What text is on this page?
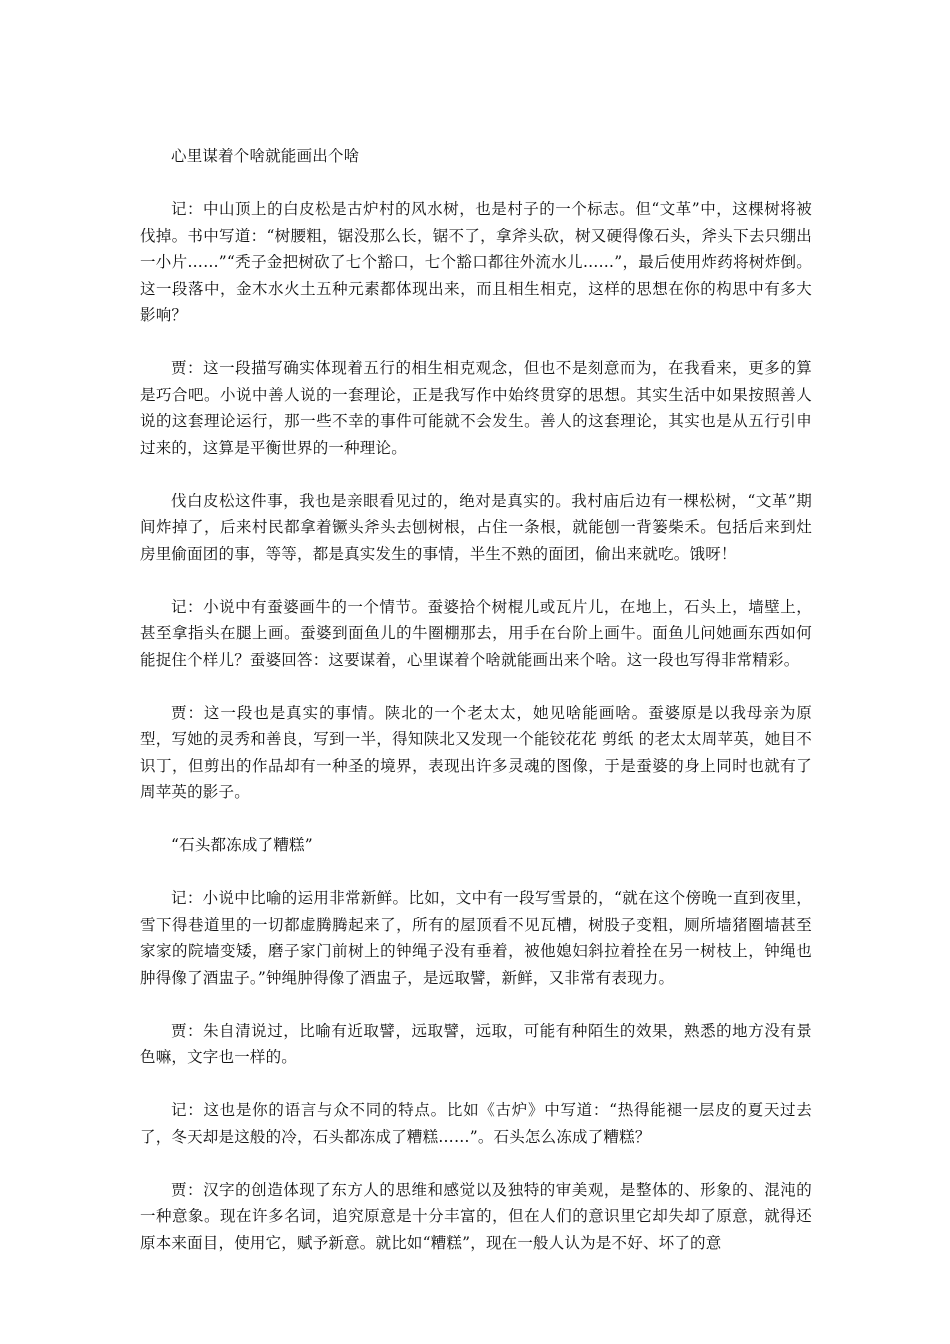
心里谋着个啥就能画出个啥

记：中山顶上的白皮松是古炉村的风水树，也是村子的一个标志。但“文革”中，这棵树将被伐掉。书中写道：“树腰粗，锯没那么长，锯不了，拿斧头砍，树又硬得像石头，斧头下去只绷出一小片……”“秃子金把树砍了七个豁口，七个豁口都往外流水儿……”，最后使用炸药将树炸倒。这一段落中，金木水火土五种元素都体现出来，而且相生相克，这样的思想在你的构思中有多大影响？

贾：这一段描写确实体现着五行的相生相克观念，但也不是刻意而为，在我看来，更多的算是巧合吧。小说中善人说的一套理论，正是我写作中始终贯穿的思想。其实生活中如果按照善人说的这套理论运行，那一些不幸的事件可能就不会发生。善人的这套理论，其实也是从五行引申过来的，这算是平衡世界的一种理论。

伐白皮松这件事，我也是亲眼看见过的，绝对是真实的。我村庙后边有一棵松树，“文革”期间炸掉了，后来村民都拿着镢头斧头去刨树根，占住一条根，就能刨一背篓柴禾。包括后来到灶房里偷面团的事，等等，都是真实发生的事情，半生不熟的面团，偷出来就吃。饿呀！

记：小说中有蚕婆画牛的一个情节。蚕婆拾个树棍儿或瓦片儿，在地上，石头上，墙壁上，甚至拿指头在腿上画。蚕婆到面鱼儿的牛圈棚那去，用手在台阶上画牛。面鱼儿问她画东西如何能捉住个样儿？蚕婆回答：这要谋着，心里谋着个啥就能画出来个啥。这一段也写得非常精彩。

贾：这一段也是真实的事情。陕北的一个老太太，她见啥能画啥。蚕婆原是以我母亲为原型，写她的灵秀和善良，写到一半，得知陕北又发现一个能铰花花 剪纸 的老太太周苹英，她目不识丁，但剪出的作品却有一种圣的境界，表现出许多灵魂的图像，于是蚕婆的身上同时也就有了周苹英的影子。

“石头都冻成了糟糕”

记：小说中比喻的运用非常新鲜。比如，文中有一段写雪景的，“就在这个傍晚一直到夜里，雪下得巷道里的一切都虚腾腾起来了，所有的屋顶看不见瓦槽，树股子变粗，厕所墙猪圈墙甚至家家的院墙变矮，磨子家门前树上的钟绳子没有垂着，被他媳妇斜拉着拴在另一树枝上，钟绳也肿得像了酒盅子。”钟绳肿得像了酒盅子，是远取譬，新鲜，又非常有表现力。

贾：朱自清说过，比喻有近取譬，远取譬，远取，可能有种陌生的效果，熟悉的地方没有景色嘛，文字也一样的。

记：这也是你的语言与众不同的特点。比如《古炉》中写道：“热得能褪一层皮的夏天过去了，冬天却是这般的冷，石头都冻成了糟糕……”。石头怎么冻成了糟糕？

贾：汉字的创造体现了东方人的思维和感觉以及独特的审美观，是整体的、形象的、混沌的一种意象。现在许多名词，追究原意是十分丰富的，但在人们的意识里它却失却了原意，就得还原本来面目，使用它，赋予新意。就比如“糟糕”，现在一般人认为是不好、坏了的意
